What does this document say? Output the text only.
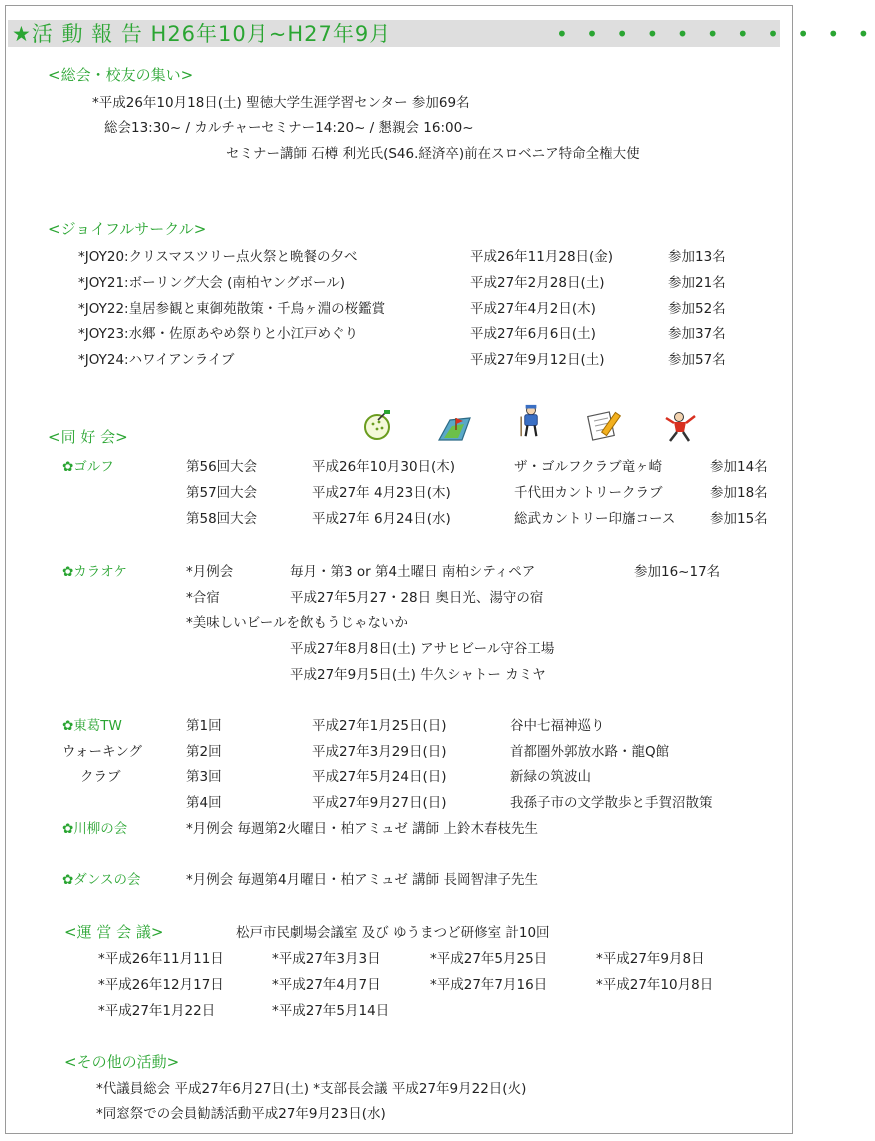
★活 動 報 告 H26年10月~H27年9月	• • • • • • • • • • •
<総会・校友の集い>
*平成26年10月18日(土) 聖徳大学生涯学習センター 参加69名
総会13:30~ / カルチャーセミナー14:20~ / 懇親会 16:00~
セミナー講師 石樽 利光氏(S46.経済卒)前在スロベニア特命全権大使
<ジョイフルサークル>
*JOY20:クリスマスツリー点火祭と晩餐の夕べ	平成26年11月28日(金)	参加13名
*JOY21:ボーリング大会 (南柏ヤングボール)	平成27年2月28日(土)	参加21名
*JOY22:皇居参観と東御苑散策・千鳥ヶ淵の桜鑑賞	平成27年4月2日(木)	参加52名
*JOY23:水郷・佐原あやめ祭りと小江戸めぐり	平成27年6月6日(土)	参加37名
*JOY24:ハワイアンライブ	平成27年9月12日(土)	参加57名
<同 好 会>
✿ゴルフ	第56回大会	平成26年10月30日(木)	ザ・ゴルフクラブ竜ヶ崎	参加14名
第57回大会	平成27年 4月23日(木)	千代田カントリークラブ	参加18名
第58回大会	平成27年 6月24日(水)	総武カントリー印旛コース	参加15名
✿カラオケ	*月例会	毎月・第3 or 第4土曜日 南柏シティペア	参加16~17名
*合宿	平成27年5月27・28日 奥日光、湯守の宿
*美味しいビールを飲もうじゃないか
平成27年8月8日(土) アサヒビール守谷工場
平成27年9月5日(土) 牛久シャトー カミヤ
✿東葛TW
ウォーキング
クラブ
第1回	平成27年1月25日(日)	谷中七福神巡り
第2回	平成27年3月29日(日)	首都圏外郭放水路・龍Q館
第3回	平成27年5月24日(日)	新緑の筑波山
第4回	平成27年9月27日(日)	我孫子市の文学散歩と手賀沼散策
✿川柳の会	*月例会 毎週第2火曜日・柏アミュゼ 講師 上鈴木春枝先生
✿ダンスの会	*月例会 毎週第4月曜日・柏アミュゼ 講師 長岡智津子先生
<運 営 会 議>	松戸市民劇場会議室 及び ゆうまつど研修室 計10回
*平成26年11月11日	*平成27年3月3日	*平成27年5月25日	*平成27年9月8日
*平成26年12月17日	*平成27年4月7日	*平成27年7月16日	*平成27年10月8日
*平成27年1月22日	*平成27年5月14日
<その他の活動>
*代議員総会 平成27年6月27日(土) *支部長会議 平成27年9月22日(火)
*同窓祭での会員勧誘活動平成27年9月23日(水)
